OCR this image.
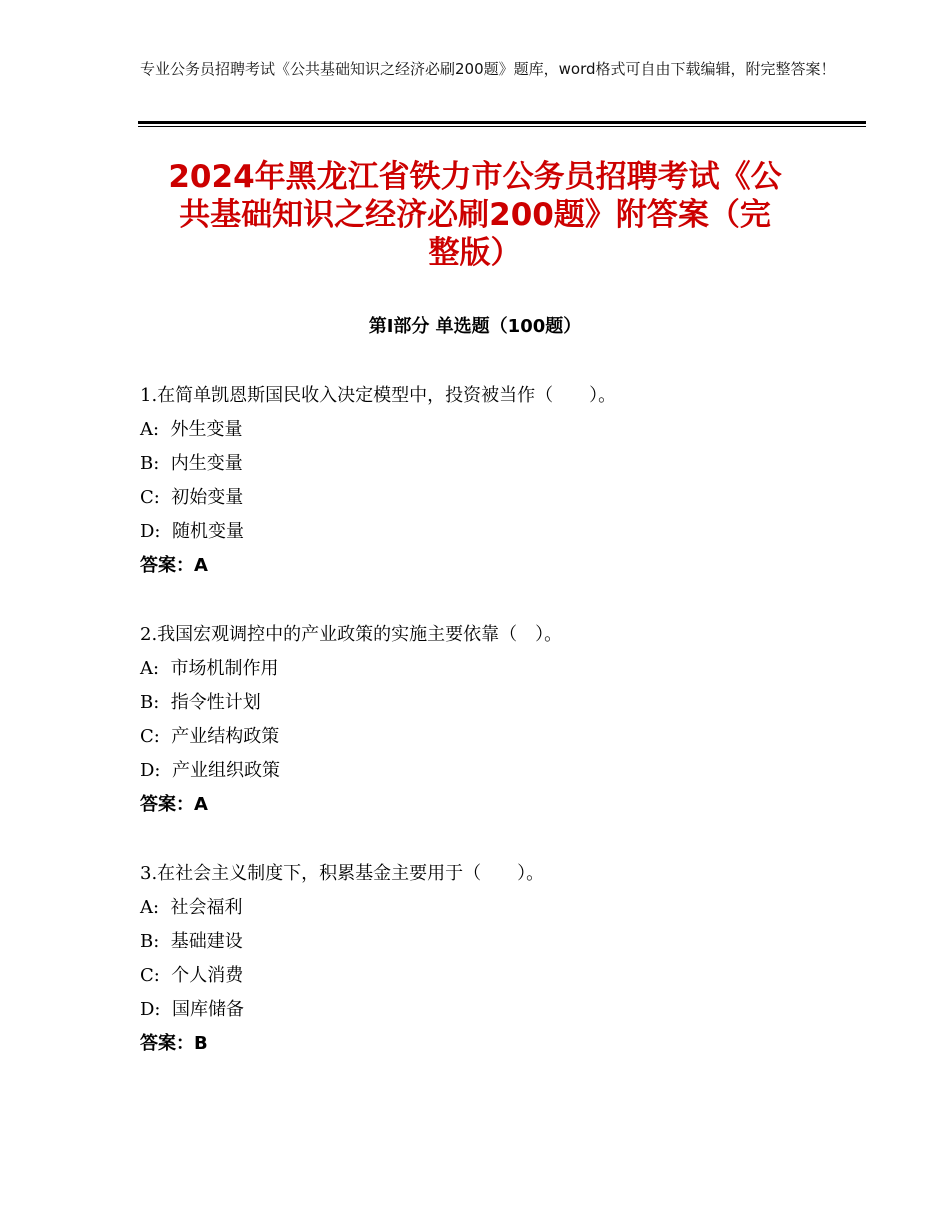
专业公务员招聘考试《公共基础知识之经济必刷200题》题库，word格式可自由下载编辑，附完整答案！
2024年黑龙江省铁力市公务员招聘考试《公
共基础知识之经济必刷200题》附答案（完
整版）
第Ⅰ部分 单选题（100题）
1.在简单凯恩斯国民收入决定模型中，投资被当作（　　）。
A:  外生变量
B:  内生变量
C:  初始变量
D:  随机变量
答案：A
2.我国宏观调控中的产业政策的实施主要依靠（　）。
A:  市场机制作用
B:  指令性计划
C:  产业结构政策
D:  产业组织政策
答案：A
3.在社会主义制度下，积累基金主要用于（　　）。
A:  社会福利
B:  基础建设
C:  个人消费
D:  国库储备
答案：B
